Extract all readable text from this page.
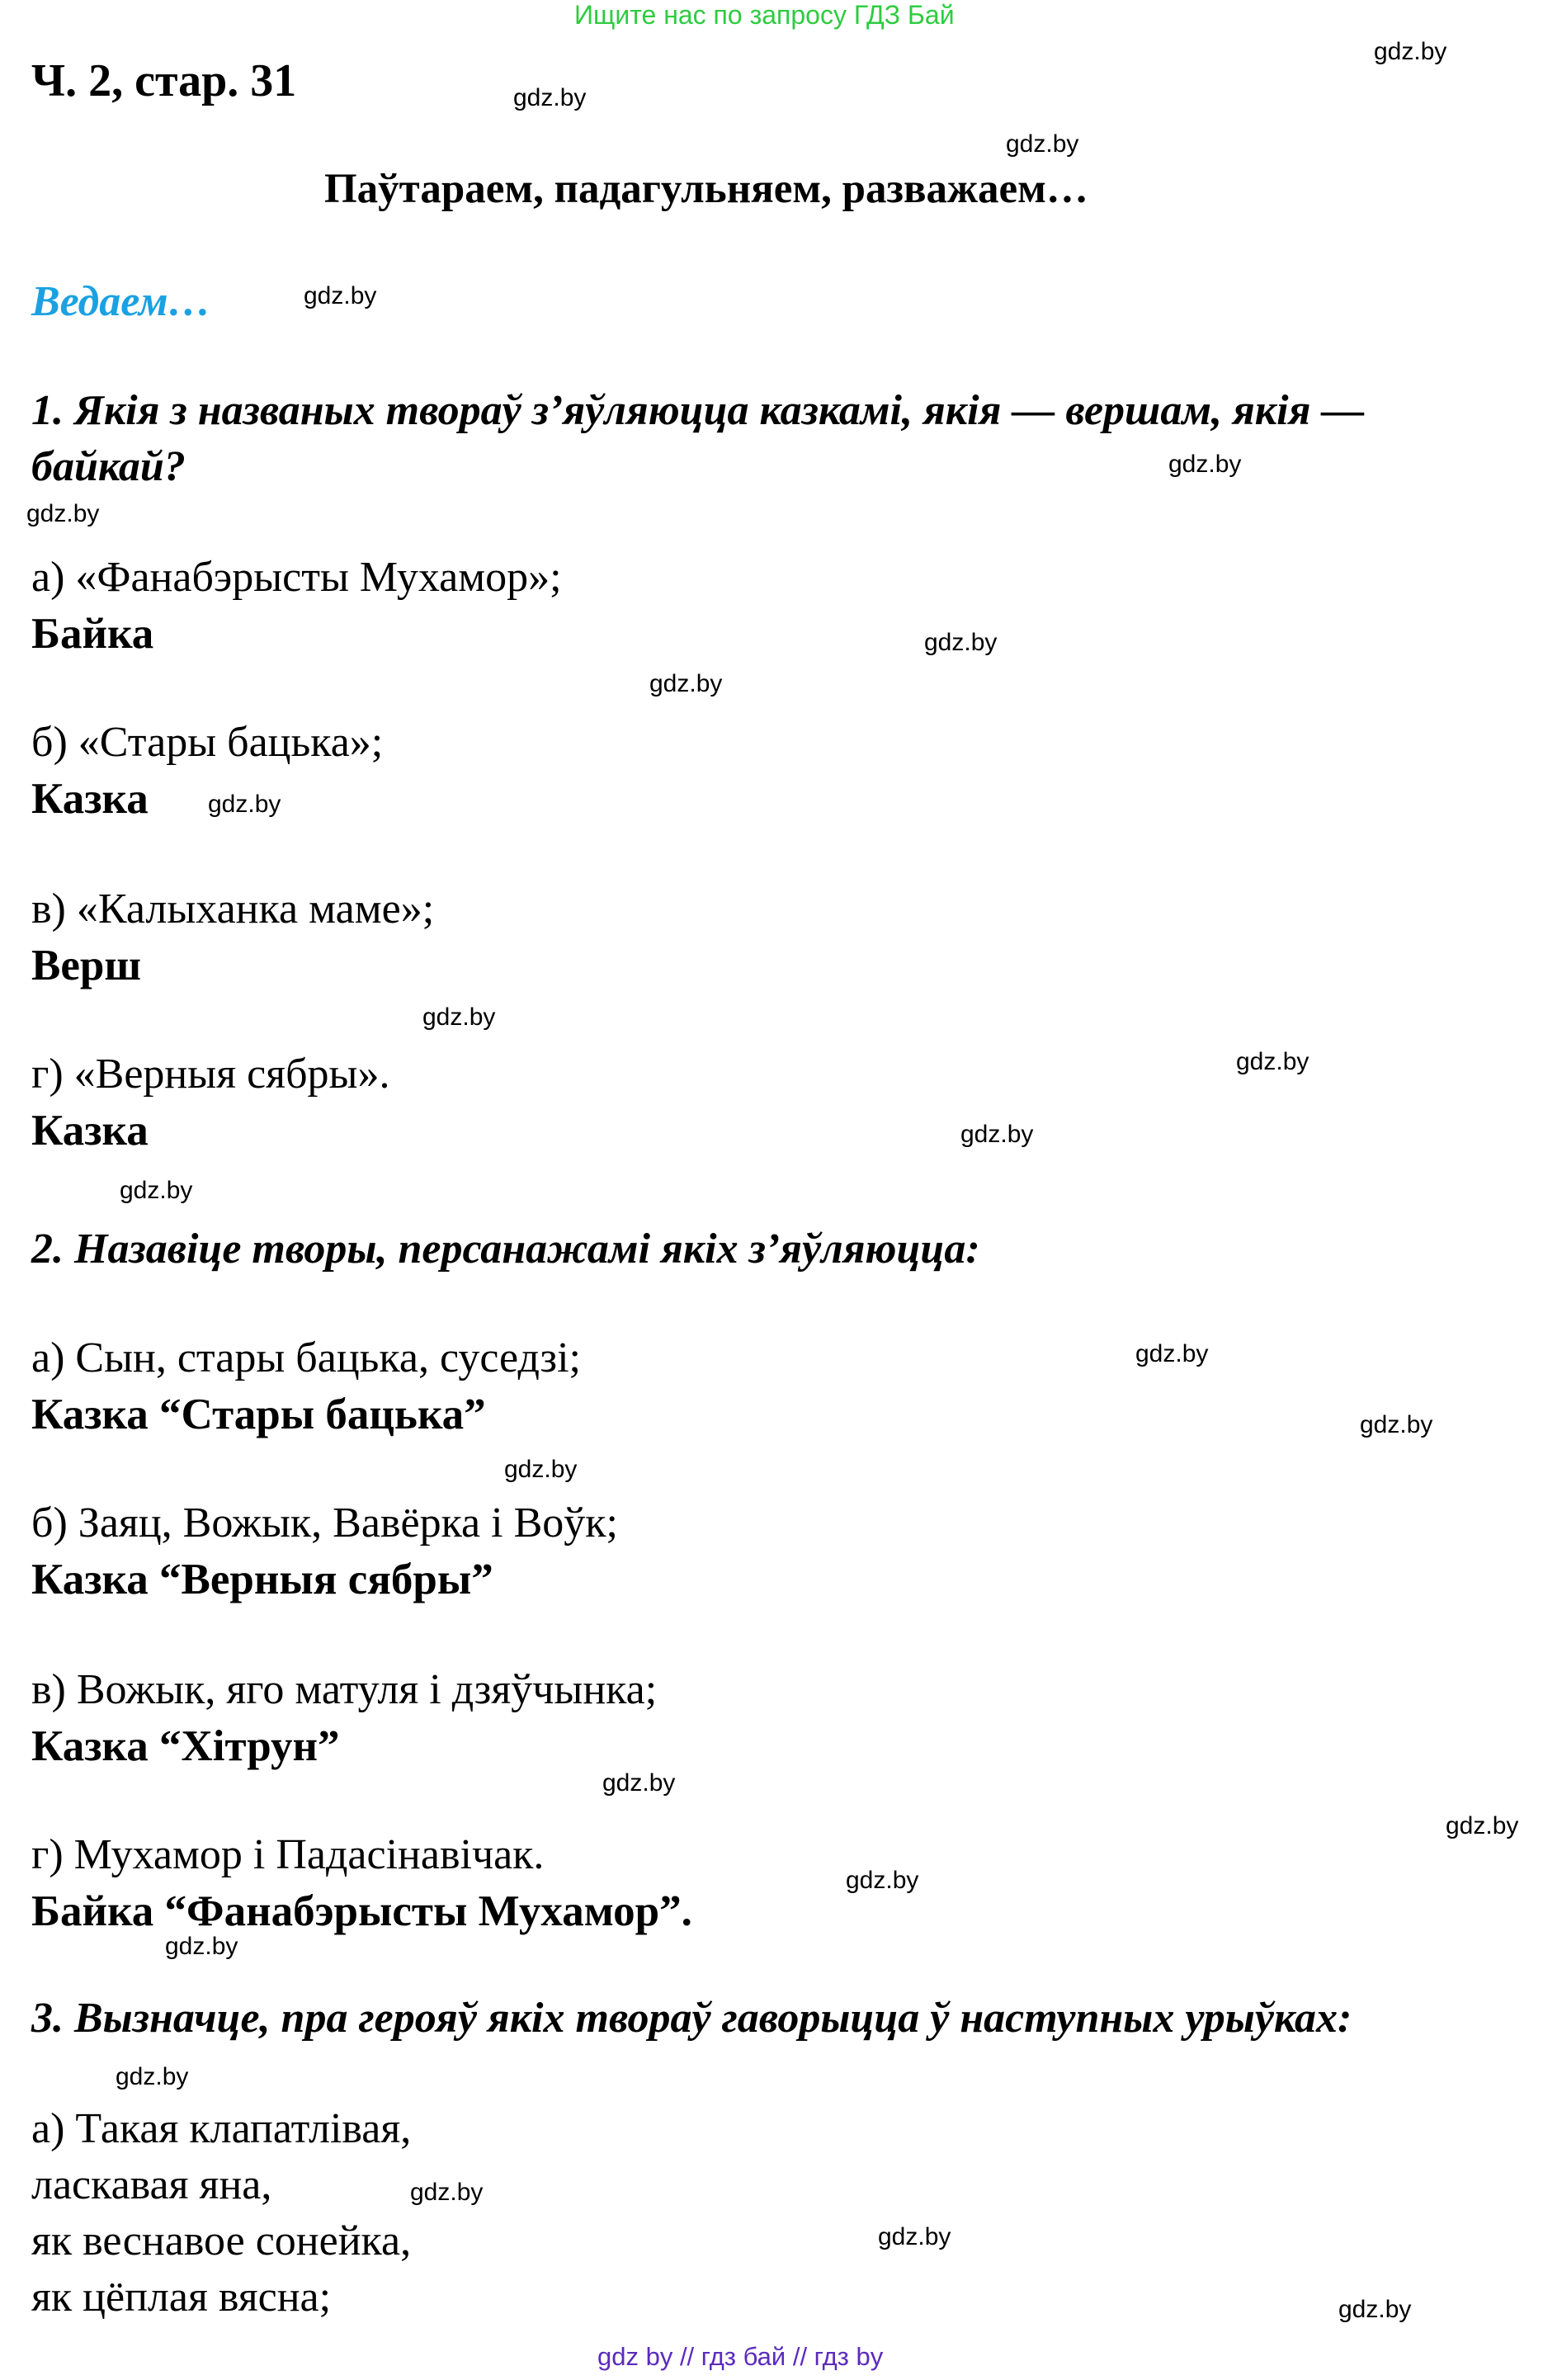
Ищите нас по запросу ГДЗ Бай
Ч. 2, стар. 31
Паўтараем, падагульняем, разважаем…
Ведаем…
1. Якія з названых твораў з’яўляюцца казкамі, якія — вершам, якія —
байкай?
а) «Фанабэрысты Мухамор»;
Байка
б) «Стары бацька»;
Казка
в) «Калыханка маме»;
Верш
г) «Верныя сябры».
Казка
2. Назавіце творы, персанажамі якіх з’яўляюцца:
а) Сын, стары бацька, суседзі;
Казка “Стары бацька”
б) Заяц, Вожык, Вавёрка і Воўк;
Казка “Верныя сябры”
в) Вожык, яго матуля і дзяўчынка;
Казка “Хітрун”
г) Мухамор і Падасінавічак.
Байка “Фанабэрысты Мухамор”.
3. Вызначце, пра герояў якіх твораў гаворыцца ў наступных урыўках:
а) Такая клапатлівая,
ласкавая яна,
як веснавое сонейка,
як цёплая вясна;
gdz.by
gdz.by
gdz.by
gdz.by
gdz.by
gdz.by
gdz.by
gdz.by
gdz.by
gdz.by
gdz.by
gdz.by
gdz.by
gdz.by
gdz.by
gdz.by
gdz.by
gdz.by
gdz.by
gdz.by
gdz.by
gdz.by
gdz.by
gdz.by
gdz by // гдз бай // гдз by
